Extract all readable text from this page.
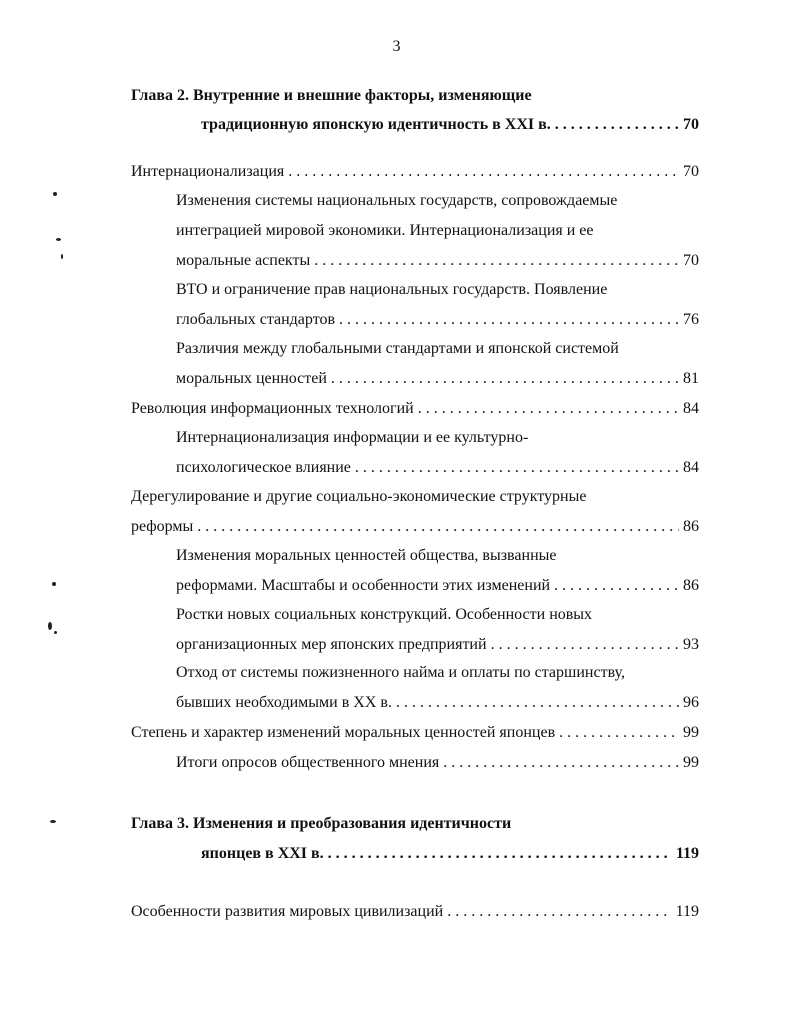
3
Глава 2. Внутренние и внешние факторы, изменяющие
традиционную японскую идентичность в XXI в. . . .	70
Интернационализация . . .	70
Изменения системы национальных государств, сопровождаемые
интеграцией мировой экономики. Интернационализация и ее
моральные аспекты . . .	70
ВТО и ограничение прав национальных государств. Появление
глобальных стандартов . . .	76
Различия между глобальными стандартами и японской системой
моральных ценностей . . .	81
Революция информационных технологий . . .	84
Интернационализация информации и ее культурно-
психологическое влияние . . .	84
Дерегулирование и другие социально-экономические структурные
реформы . . .	86
Изменения моральных ценностей общества, вызванные
реформами. Масштабы и особенности этих изменений . . .	86
Ростки новых социальных конструкций. Особенности новых
организационных мер японских предприятий . . .	93
Отход от системы пожизненного найма и оплаты по старшинству,
бывших необходимыми в XX в. . . .	96
Степень и характер изменений моральных ценностей японцев . . .	99
Итоги опросов общественного мнения . . .	99
Глава 3. Изменения и преобразования идентичности
японцев в XXI в. . . .	119
Особенности развития мировых цивилизаций . . .	119
